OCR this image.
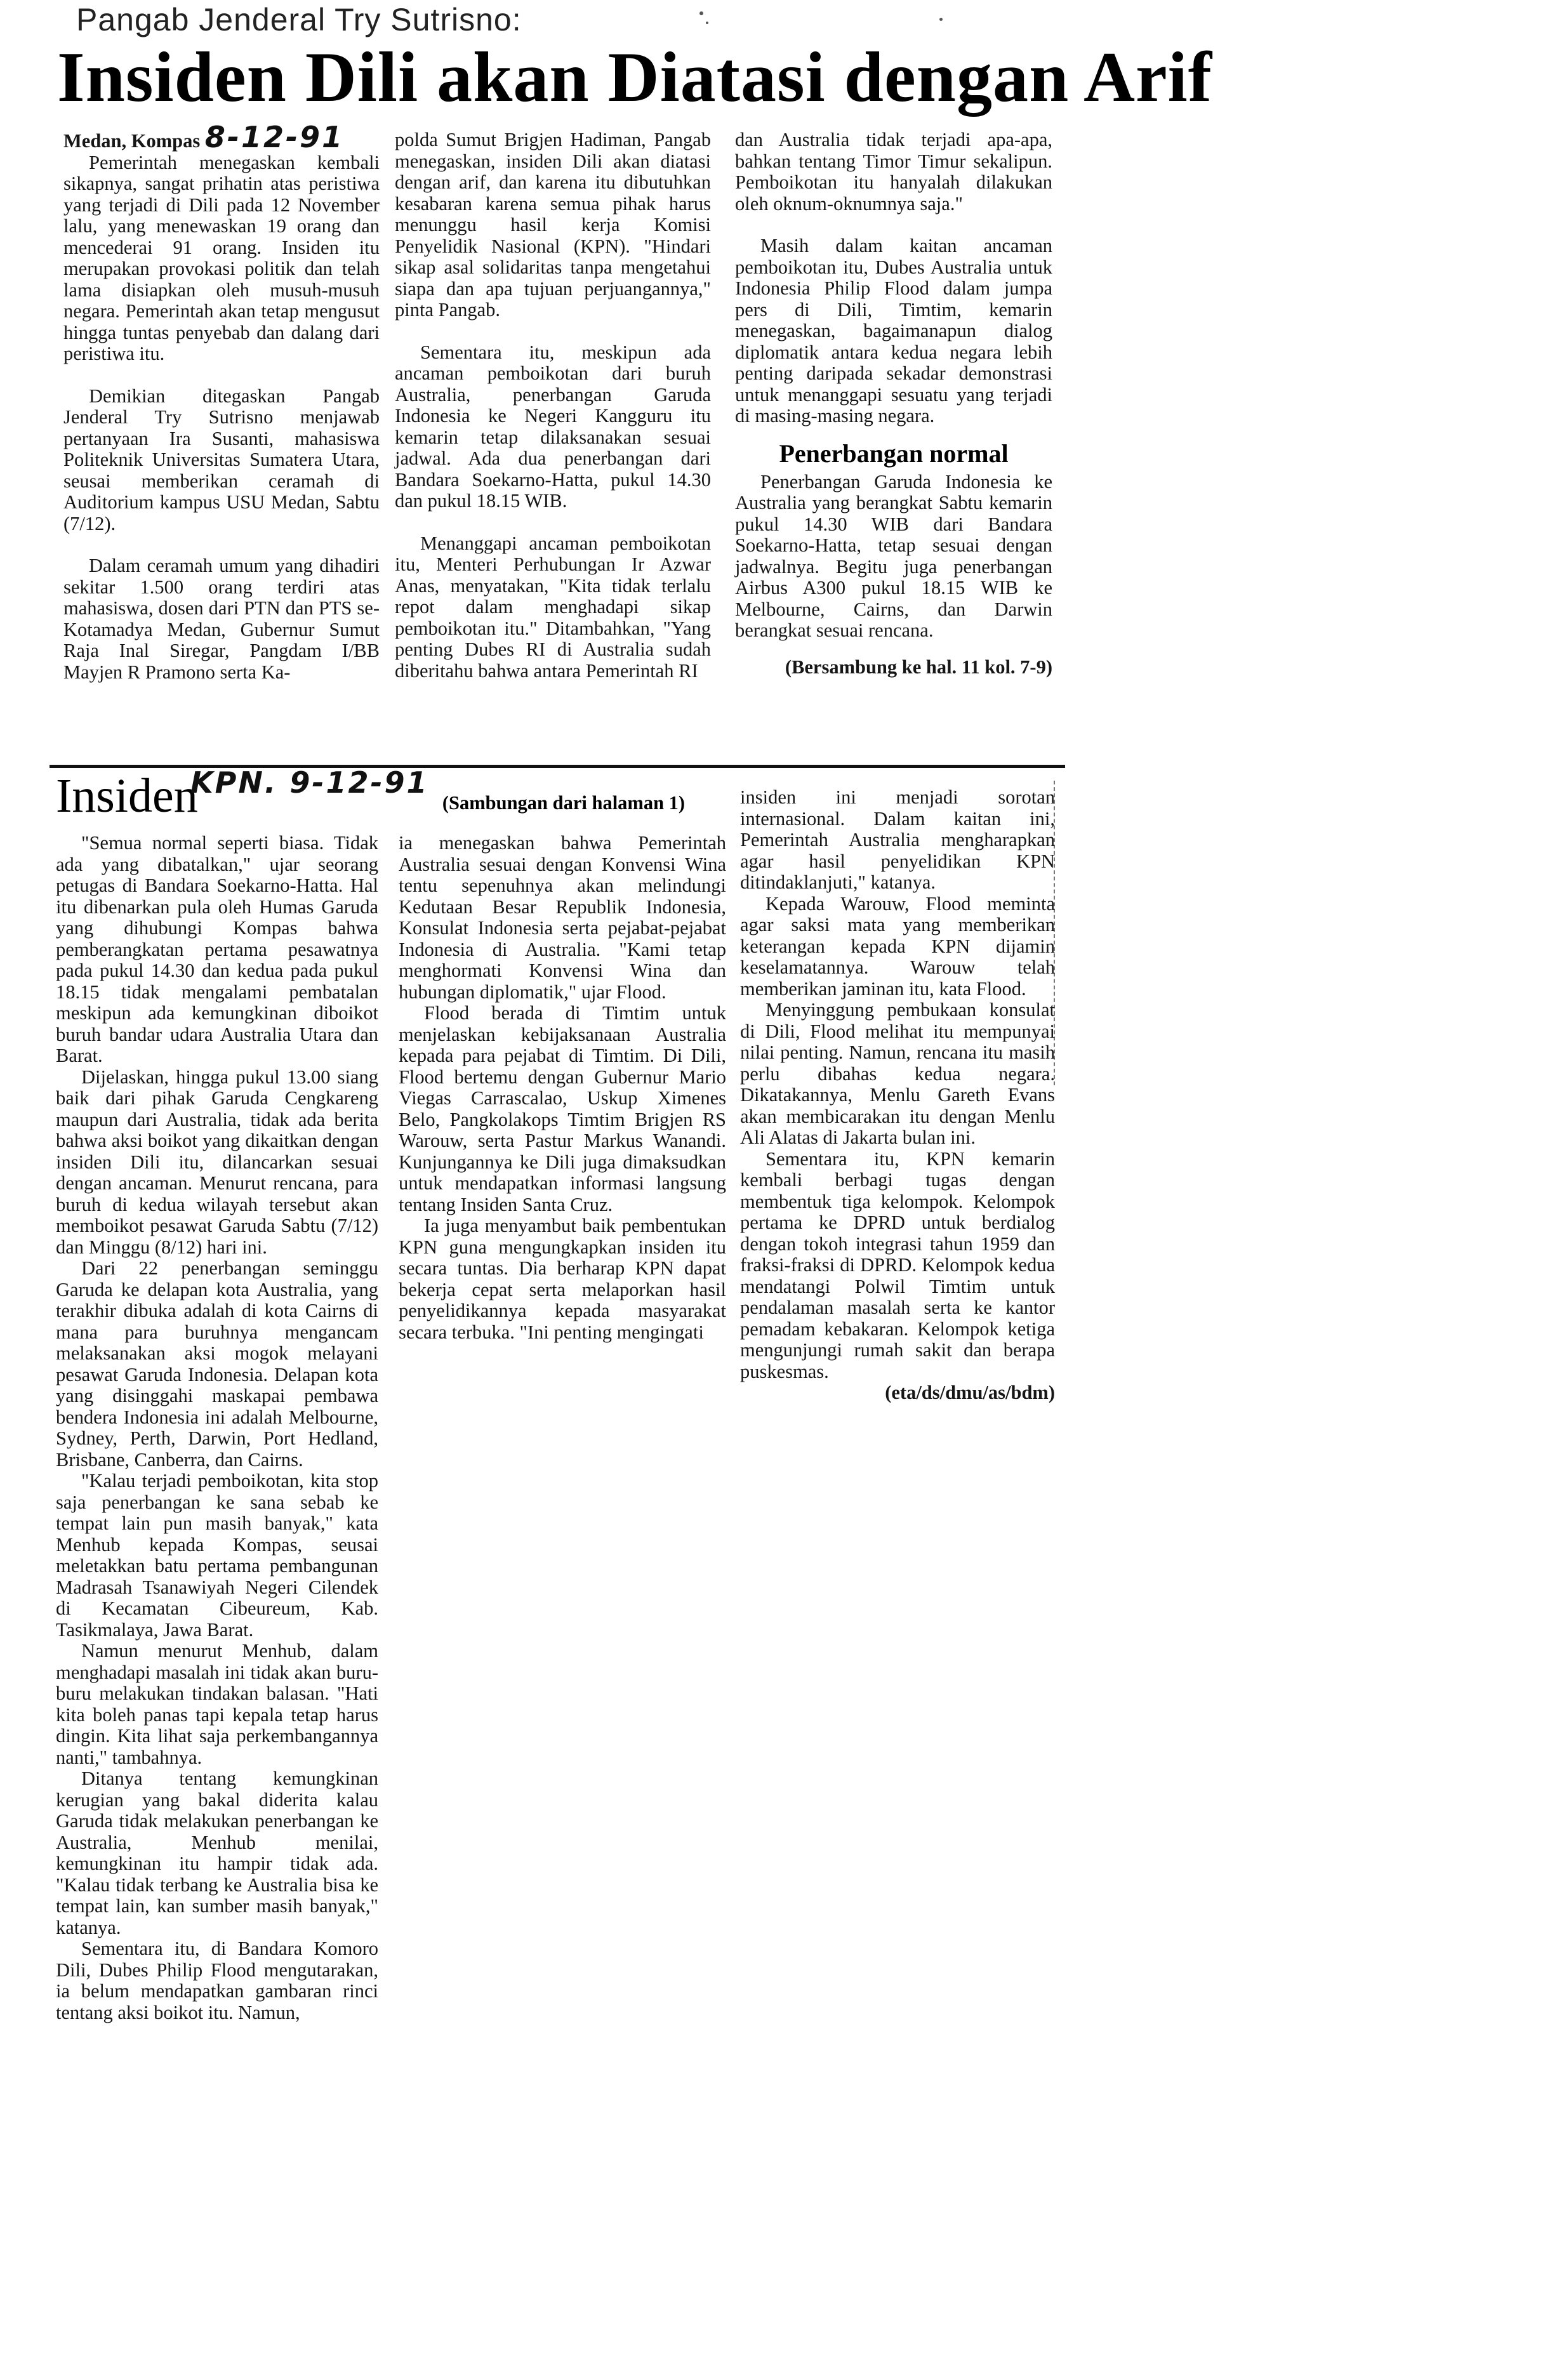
Pangab Jenderal Try Sutrisno:
Insiden Dili akan Diatasi dengan Arif

Medan, Kompas 8-12-91

Pemerintah menegaskan kembali sikapnya, sangat prihatin atas peristiwa yang terjadi di Dili pada 12 November lalu, yang menewaskan 19 orang dan mencederai 91 orang. Insiden itu merupakan provokasi politik dan telah lama disiapkan oleh musuh-musuh negara. Pemerintah akan tetap mengusut hingga tuntas penyebab dan dalang dari peristiwa itu.

Demikian ditegaskan Pangab Jenderal Try Sutrisno menjawab pertanyaan Ira Susanti, mahasiswa Politeknik Universitas Sumatera Utara, seusai memberikan ceramah di Auditorium kampus USU Medan, Sabtu (7/12).

Dalam ceramah umum yang dihadiri sekitar 1.500 orang terdiri atas mahasiswa, dosen dari PTN dan PTS se-Kotamadya Medan, Gubernur Sumut Raja Inal Siregar, Pangdam I/BB Mayjen R Pramono serta Ka-

polda Sumut Brigjen Hadiman, Pangab menegaskan, insiden Dili akan diatasi dengan arif, dan karena itu dibutuhkan kesabaran karena semua pihak harus menunggu hasil kerja Komisi Penyelidik Nasional (KPN). "Hindari sikap asal solidaritas tanpa mengetahui siapa dan apa tujuan perjuangannya," pinta Pangab.

Sementara itu, meskipun ada ancaman pemboikotan dari buruh Australia, penerbangan Garuda Indonesia ke Negeri Kangguru itu kemarin tetap dilaksanakan sesuai jadwal. Ada dua penerbangan dari Bandara Soekarno-Hatta, pukul 14.30 dan pukul 18.15 WIB.

Menanggapi ancaman pemboikotan itu, Menteri Perhubungan Ir Azwar Anas, menyatakan, "Kita tidak terlalu repot dalam menghadapi sikap pemboikotan itu." Ditambahkan, "Yang penting Dubes RI di Australia sudah diberitahu bahwa antara Pemerintah RI

dan Australia tidak terjadi apa-apa, bahkan tentang Timor Timur sekalipun. Pemboikotan itu hanyalah dilakukan oleh oknum-oknumnya saja."

Masih dalam kaitan ancaman pemboikotan itu, Dubes Australia untuk Indonesia Philip Flood dalam jumpa pers di Dili, Timtim, kemarin menegaskan, bagaimanapun dialog diplomatik antara kedua negara lebih penting daripada sekadar demonstrasi untuk menanggapi sesuatu yang terjadi di masing-masing negara.

Penerbangan normal

Penerbangan Garuda Indonesia ke Australia yang berangkat Sabtu kemarin pukul 14.30 WIB dari Bandara Soekarno-Hatta, tetap sesuai dengan jadwalnya. Begitu juga penerbangan Airbus A300 pukul 18.15 WIB ke Melbourne, Cairns, dan Darwin berangkat sesuai rencana.

(Bersambung ke hal. 11 kol. 7-9)

Insiden
KPN. 9-12-91
(Sambungan dari halaman 1)

"Semua normal seperti biasa. Tidak ada yang dibatalkan," ujar seorang petugas di Bandara Soekarno-Hatta. Hal itu dibenarkan pula oleh Humas Garuda yang dihubungi Kompas bahwa pemberangkatan pertama pesawatnya pada pukul 14.30 dan kedua pada pukul 18.15 tidak mengalami pembatalan meskipun ada kemungkinan diboikot buruh bandar udara Australia Utara dan Barat.

Dijelaskan, hingga pukul 13.00 siang baik dari pihak Garuda Cengkareng maupun dari Australia, tidak ada berita bahwa aksi boikot yang dikaitkan dengan insiden Dili itu, dilancarkan sesuai dengan ancaman. Menurut rencana, para buruh di kedua wilayah tersebut akan memboikot pesawat Garuda Sabtu (7/12) dan Minggu (8/12) hari ini.

Dari 22 penerbangan seminggu Garuda ke delapan kota Australia, yang terakhir dibuka adalah di kota Cairns di mana para buruhnya mengancam melaksanakan aksi mogok melayani pesawat Garuda Indonesia. Delapan kota yang disinggahi maskapai pembawa bendera Indonesia ini adalah Melbourne, Sydney, Perth, Darwin, Port Hedland, Brisbane, Canberra, dan Cairns.

"Kalau terjadi pemboikotan, kita stop saja penerbangan ke sana sebab ke tempat lain pun masih banyak," kata Menhub kepada Kompas, seusai meletakkan batu pertama pembangunan Madrasah Tsanawiyah Negeri Cilendek di Kecamatan Cibeureum, Kab. Tasikmalaya, Jawa Barat.

Namun menurut Menhub, dalam menghadapi masalah ini tidak akan buru-buru melakukan tindakan balasan. "Hati kita boleh panas tapi kepala tetap harus dingin. Kita lihat saja perkembangannya nanti," tambahnya.

Ditanya tentang kemungkinan kerugian yang bakal diderita kalau Garuda tidak melakukan penerbangan ke Australia, Menhub menilai, kemungkinan itu hampir tidak ada. "Kalau tidak terbang ke Australia bisa ke tempat lain, kan sumber masih banyak," katanya.

Sementara itu, di Bandara Komoro Dili, Dubes Philip Flood mengutarakan, ia belum mendapatkan gambaran rinci tentang aksi boikot itu. Namun,

ia menegaskan bahwa Pemerintah Australia sesuai dengan Konvensi Wina tentu sepenuhnya akan melindungi Kedutaan Besar Republik Indonesia, Konsulat Indonesia serta pejabat-pejabat Indonesia di Australia. "Kami tetap menghormati Konvensi Wina dan hubungan diplomatik," ujar Flood.

Flood berada di Timtim untuk menjelaskan kebijaksanaan Australia kepada para pejabat di Timtim. Di Dili, Flood bertemu dengan Gubernur Mario Viegas Carrascalao, Uskup Ximenes Belo, Pangkolakops Timtim Brigjen RS Warouw, serta Pastur Markus Wanandi. Kunjungannya ke Dili juga dimaksudkan untuk mendapatkan informasi langsung tentang Insiden Santa Cruz.

Ia juga menyambut baik pembentukan KPN guna mengungkapkan insiden itu secara tuntas. Dia berharap KPN dapat bekerja cepat serta melaporkan hasil penyelidikannya kepada masyarakat secara terbuka. "Ini penting mengingati

insiden ini menjadi sorotan internasional. Dalam kaitan ini, Pemerintah Australia mengharapkan agar hasil penyelidikan KPN ditindaklanjuti," katanya.

Kepada Warouw, Flood meminta agar saksi mata yang memberikan keterangan kepada KPN dijamin keselamatannya. Warouw telah memberikan jaminan itu, kata Flood.

Menyinggung pembukaan konsulat di Dili, Flood melihat itu mempunyai nilai penting. Namun, rencana itu masih perlu dibahas kedua negara. Dikatakannya, Menlu Gareth Evans akan membicarakan itu dengan Menlu Ali Alatas di Jakarta bulan ini.

Sementara itu, KPN kemarin kembali berbagi tugas dengan membentuk tiga kelompok. Kelompok pertama ke DPRD untuk berdialog dengan tokoh integrasi tahun 1959 dan fraksi-fraksi di DPRD. Kelompok kedua mendatangi Polwil Timtim untuk pendalaman masalah serta ke kantor pemadam kebakaran. Kelompok ketiga mengunjungi rumah sakit dan berapa puskesmas.

(eta/ds/dmu/as/bdm)
